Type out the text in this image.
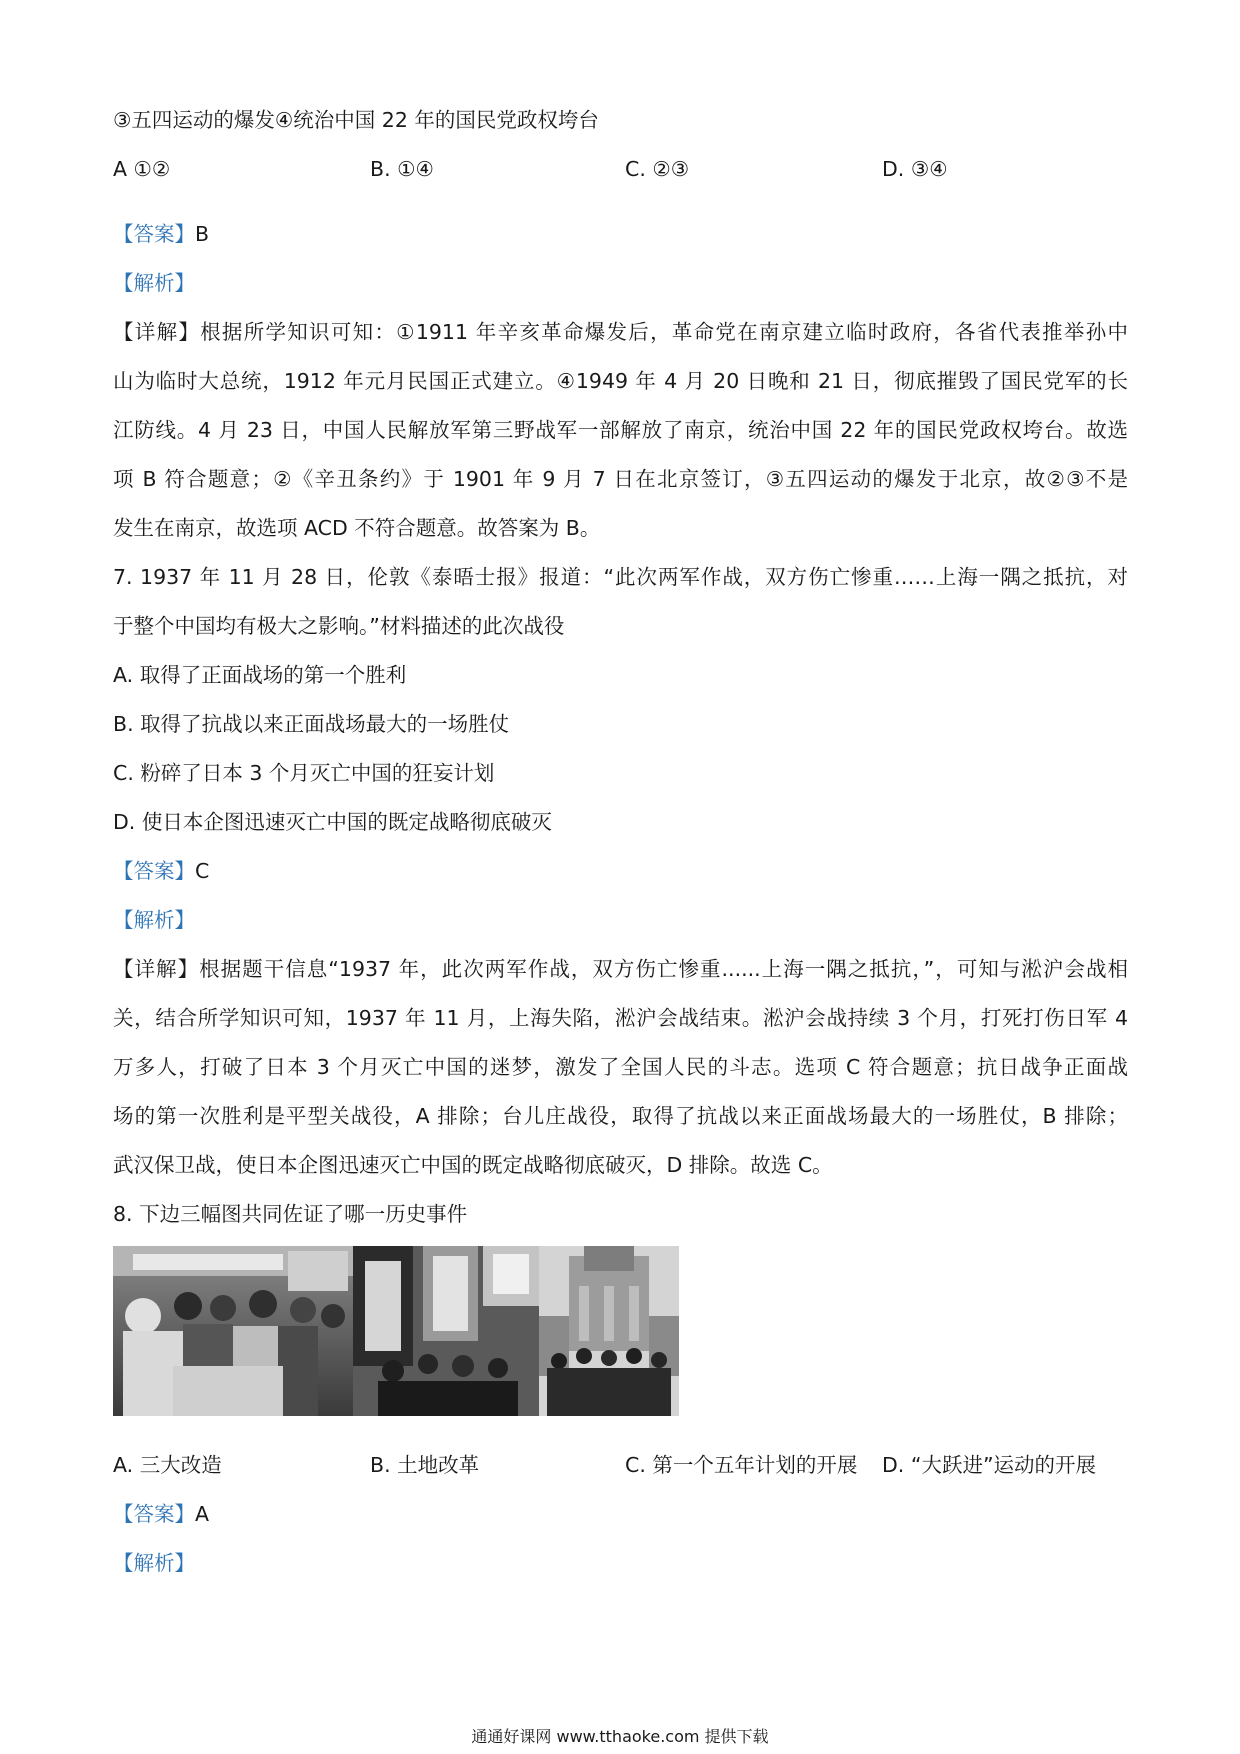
③五四运动的爆发④统治中国 22 年的国民党政权垮台
A ①②	B. ①④	C. ②③	D. ③④
【答案】B
【解析】
【详解】根据所学知识可知：①1911 年辛亥革命爆发后，革命党在南京建立临时政府，各省代表推举孙中
山为临时大总统，1912 年元月民国正式建立。④1949 年 4 月 20 日晚和 21 日，彻底摧毁了国民党军的长
江防线。4 月 23 日，中国人民解放军第三野战军一部解放了南京，统治中国 22 年的国民党政权垮台。故选
项 B 符合题意；②《辛丑条约》于 1901 年 9 月 7 日在北京签订，③五四运动的爆发于北京，故②③不是
发生在南京，故选项 ACD 不符合题意。故答案为 B。
7. 1937 年 11 月 28 日，伦敦《泰晤士报》报道：“此次两军作战，双方伤亡惨重……上海一隅之抵抗，对
于整个中国均有极大之影响。”材料描述的此次战役
A. 取得了正面战场的第一个胜利
B. 取得了抗战以来正面战场最大的一场胜仗
C. 粉碎了日本 3 个月灭亡中国的狂妄计划
D. 使日本企图迅速灭亡中国的既定战略彻底破灭
【答案】C
【解析】
【详解】根据题干信息“1937 年，此次两军作战，双方伤亡惨重......上海一隅之抵抗，”，可知与淞沪会战相
关，结合所学知识可知，1937 年 11 月，上海失陷，淞沪会战结束。淞沪会战持续 3 个月，打死打伤日军 4
万多人，打破了日本 3 个月灭亡中国的迷梦，激发了全国人民的斗志。选项 C 符合题意；抗日战争正面战
场的第一次胜利是平型关战役，A 排除；台儿庄战役，取得了抗战以来正面战场最大的一场胜仗，B 排除；
武汉保卫战，使日本企图迅速灭亡中国的既定战略彻底破灭，D 排除。故选 C。
8. 下边三幅图共同佐证了哪一历史事件
A. 三大改造	B. 土地改革	C. 第一个五年计划的开展 D. “大跃进”运动的开展
【答案】A
【解析】
通通好课网 www.tthaoke.com 提供下载
